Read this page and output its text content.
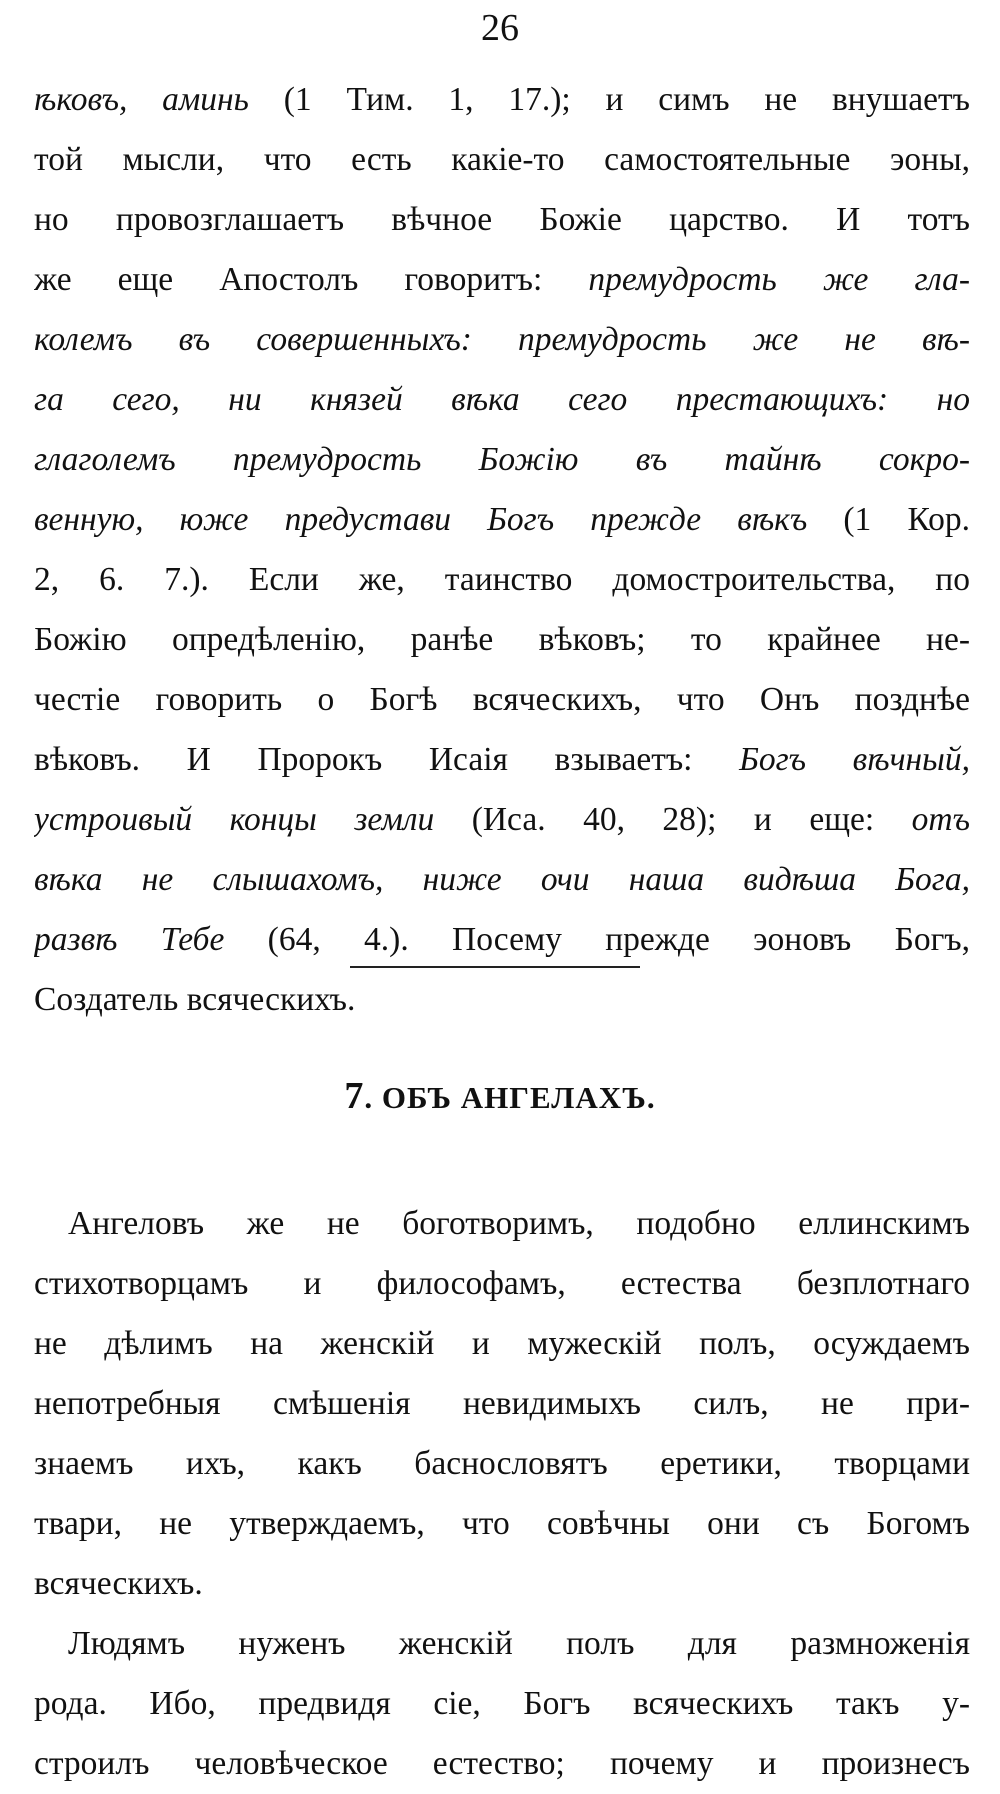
26
ѣковъ, аминь (1 Тим. 1, 17.); и симъ не внушаетъ
той мысли, что есть какіе-то самостоятельные эоны,
но провозглашаетъ вѣчное Божіе царство. И тотъ
же еще Апостолъ говоритъ: премудрость же гла-
колемъ въ совершенныхъ: премудрость же не вѣ-
га сего, ни князей вѣка сего престающихъ: но
глаголемъ премудрость Божію въ тайнѣ сокро-
венную, юже предустави Богъ прежде вѣкъ (1 Кор.
2, 6. 7.). Если же, таинство домостроительства, по
Божію опредѣленію, ранѣе вѣковъ; то крайнее не-
честіе говорить о Богѣ всяческихъ, что Онъ позднѣе
вѣковъ. И Пророкъ Исаія взываетъ: Богъ вѣчный,
устроивый концы земли (Иса. 40, 28); и еще: отъ
вѣка не слышахомъ, ниже очи наша видѣша Бога,
развѣ Тебе (64, 4.). Посему прежде эоновъ Богъ,
Создатель всяческихъ.
7. ОБЪ АНГЕЛАХЪ.
Ангеловъ же не боготворимъ, подобно еллинскимъ
стихотворцамъ и философамъ, естества безплотнаго
не дѣлимъ на женскій и мужескій полъ, осуждаемъ
непотребныя смѣшенія невидимыхъ силъ, не при-
знаемъ ихъ, какъ баснословятъ еретики, творцами
твари, не утверждаемъ, что совѣчны они съ Богомъ
всяческихъ.
Людямъ нуженъ женскій полъ для размноженія
рода. Ибо, предвидя сіе, Богъ всяческихъ такъ у-
строилъ человѣческое естество; почему и произнесъ
